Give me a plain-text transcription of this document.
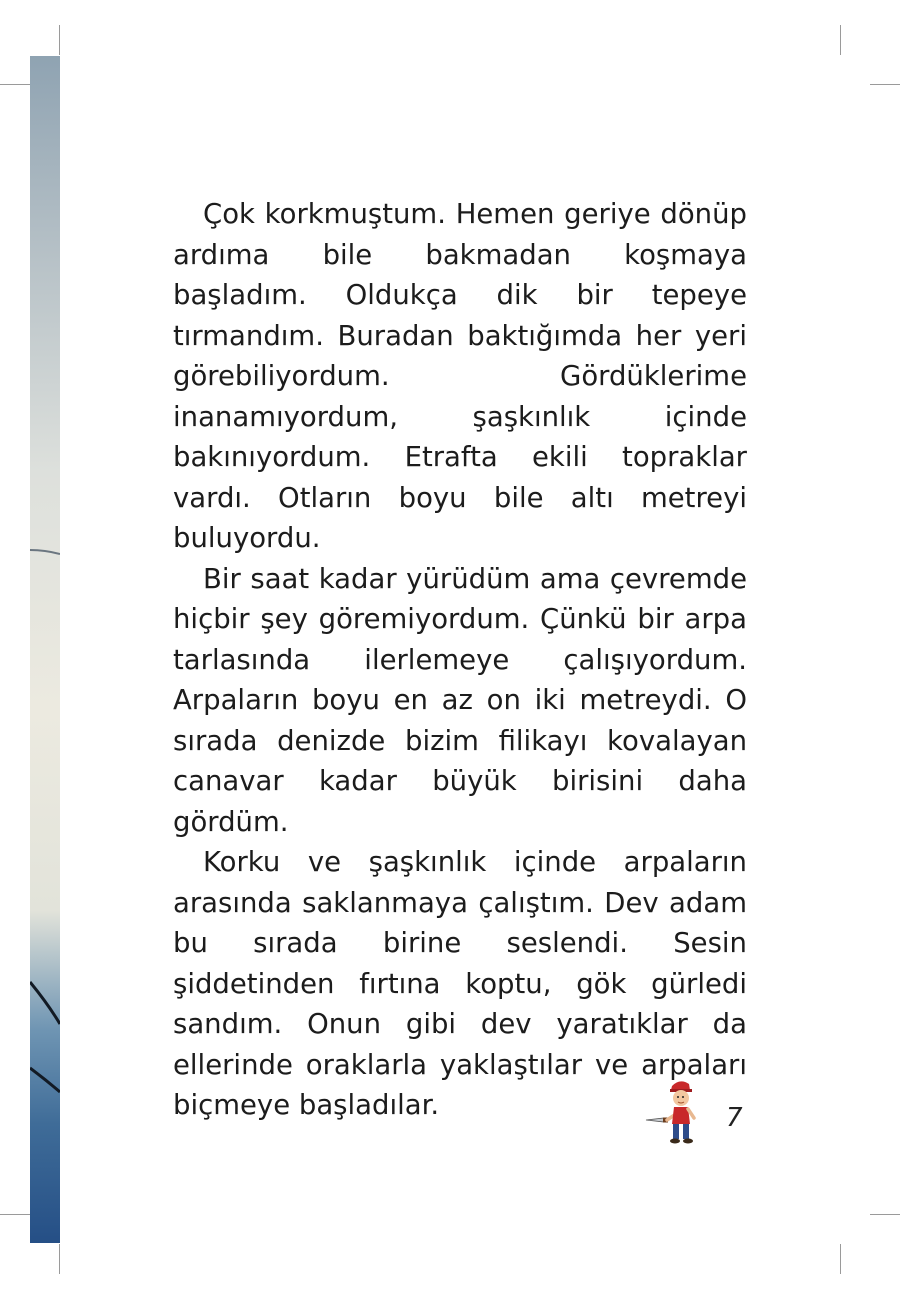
Çok korkmuştum. Hemen geriye dönüp ardıma bile bakmadan koşmaya başladım. Oldukça dik bir tepeye tırmandım. Buradan baktığımda her yeri görebiliyordum. Gördüklerime inanamıyordum, şaşkınlık içinde bakınıyordum. Etrafta ekili topraklar vardı. Otların boyu bile altı metreyi buluyordu.

Bir saat kadar yürüdüm ama çevremde hiçbir şey göremiyordum. Çünkü bir arpa tarlasında ilerlemeye çalışıyordum. Arpaların boyu en az on iki metreydi. O sırada denizde bizim filikayı kovalayan canavar kadar büyük birisini daha gördüm.

Korku ve şaşkınlık içinde arpaların arasında saklanmaya çalıştım. Dev adam bu sırada birine seslendi. Sesin şiddetinden fırtına koptu, gök gürledi sandım. Onun gibi dev yaratıklar da ellerinde oraklarla yaklaştılar ve arpaları biçmeye başladılar.	7
